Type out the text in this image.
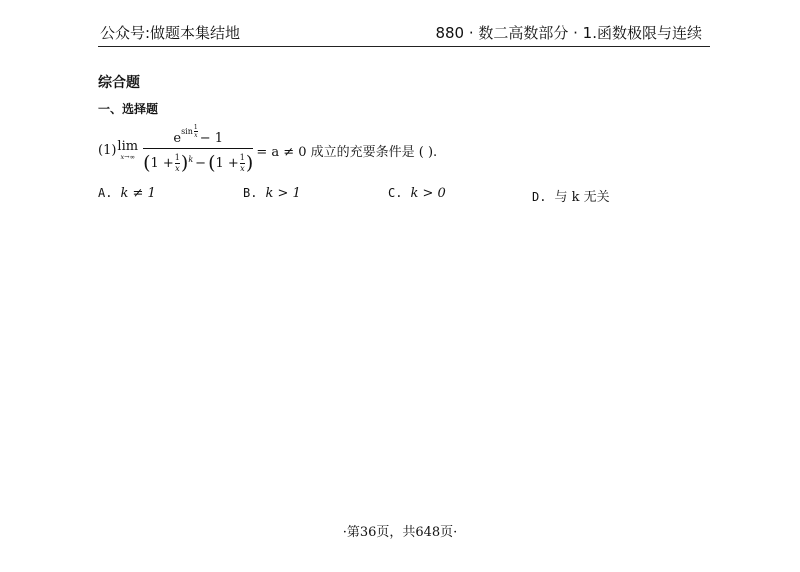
公众号:做题本集结地	880 · 数二高数部分 · 1.函数极限与连续
综合题
一、选择题
(1) lim
x→∞
e $\sin \frac{1}{x} - 1$
( $1 + \frac{1}{x}$ ) k − ( $1 + \frac{1}{x}$ ) = a ≠ 0 成立的充要条件是 ( ).
A. k ≠ 1	B. k > 1	C. k > 0	D. 与 k 无关
·第36页，共648页·
